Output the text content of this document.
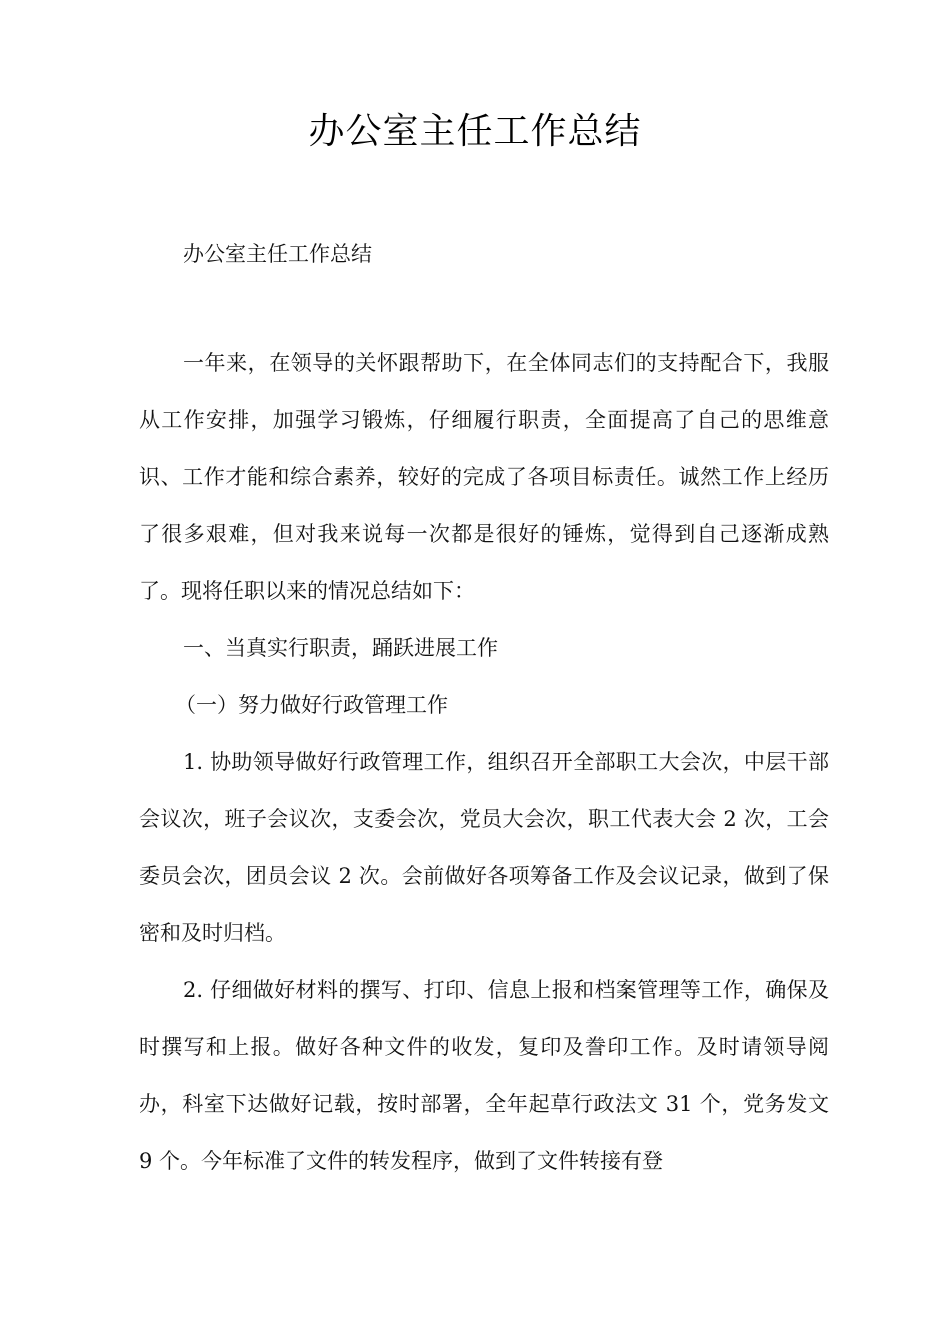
办公室主任工作总结

办公室主任工作总结

一年来，在领导的关怀跟帮助下，在全体同志们的支持配合下，我服从工作安排，加强学习锻炼，仔细履行职责，全面提高了自己的思维意识、工作才能和综合素养，较好的完成了各项目标责任。诚然工作上经历了很多艰难，但对我来说每一次都是很好的锤炼，觉得到自己逐渐成熟了。现将任职以来的情况总结如下：

一、当真实行职责，踊跃进展工作

（一）努力做好行政管理工作

1. 协助领导做好行政管理工作，组织召开全部职工大会次，中层干部会议次，班子会议次，支委会次，党员大会次，职工代表大会 2 次，工会委员会次，团员会议 2 次。会前做好各项筹备工作及会议记录，做到了保密和及时归档。

2. 仔细做好材料的撰写、打印、信息上报和档案管理等工作，确保及时撰写和上报。做好各种文件的收发，复印及誊印工作。及时请领导阅办，科室下达做好记载，按时部署，全年起草行政法文 31 个，党务发文 9 个。今年标准了文件的转发程序，做到了文件转接有登
